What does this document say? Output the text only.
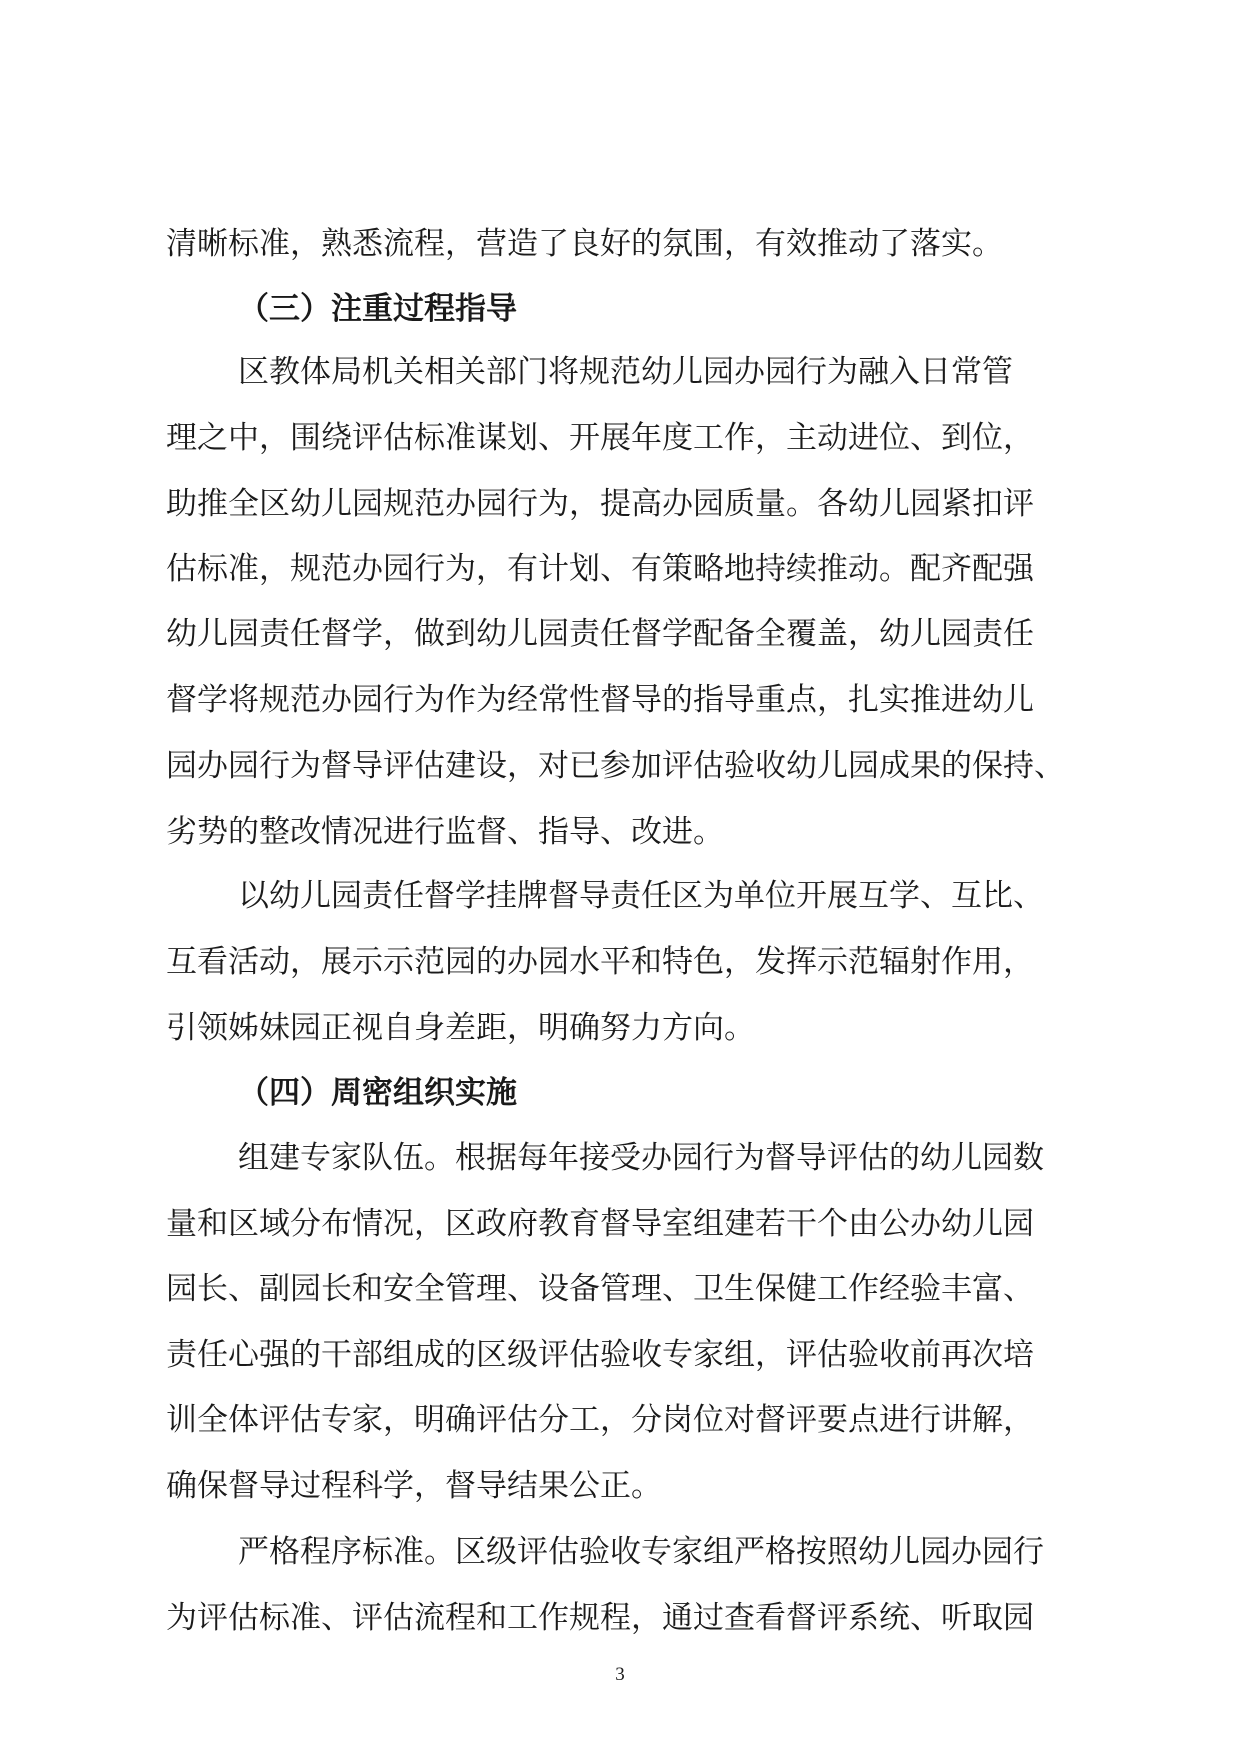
清晰标准，熟悉流程，营造了良好的氛围，有效推动了落实。
（三）注重过程指导
区教体局机关相关部门将规范幼儿园办园行为融入日常管
理之中，围绕评估标准谋划、开展年度工作，主动进位、到位，
助推全区幼儿园规范办园行为，提高办园质量。各幼儿园紧扣评
估标准，规范办园行为，有计划、有策略地持续推动。配齐配强
幼儿园责任督学，做到幼儿园责任督学配备全覆盖，幼儿园责任
督学将规范办园行为作为经常性督导的指导重点，扎实推进幼儿
园办园行为督导评估建设，对已参加评估验收幼儿园成果的保持、
劣势的整改情况进行监督、指导、改进。
以幼儿园责任督学挂牌督导责任区为单位开展互学、互比、
互看活动，展示示范园的办园水平和特色，发挥示范辐射作用，
引领姊妹园正视自身差距，明确努力方向。
（四）周密组织实施
组建专家队伍。根据每年接受办园行为督导评估的幼儿园数
量和区域分布情况，区政府教育督导室组建若干个由公办幼儿园
园长、副园长和安全管理、设备管理、卫生保健工作经验丰富、
责任心强的干部组成的区级评估验收专家组，评估验收前再次培
训全体评估专家，明确评估分工，分岗位对督评要点进行讲解，
确保督导过程科学，督导结果公正。
严格程序标准。区级评估验收专家组严格按照幼儿园办园行
为评估标准、评估流程和工作规程，通过查看督评系统、听取园
3
